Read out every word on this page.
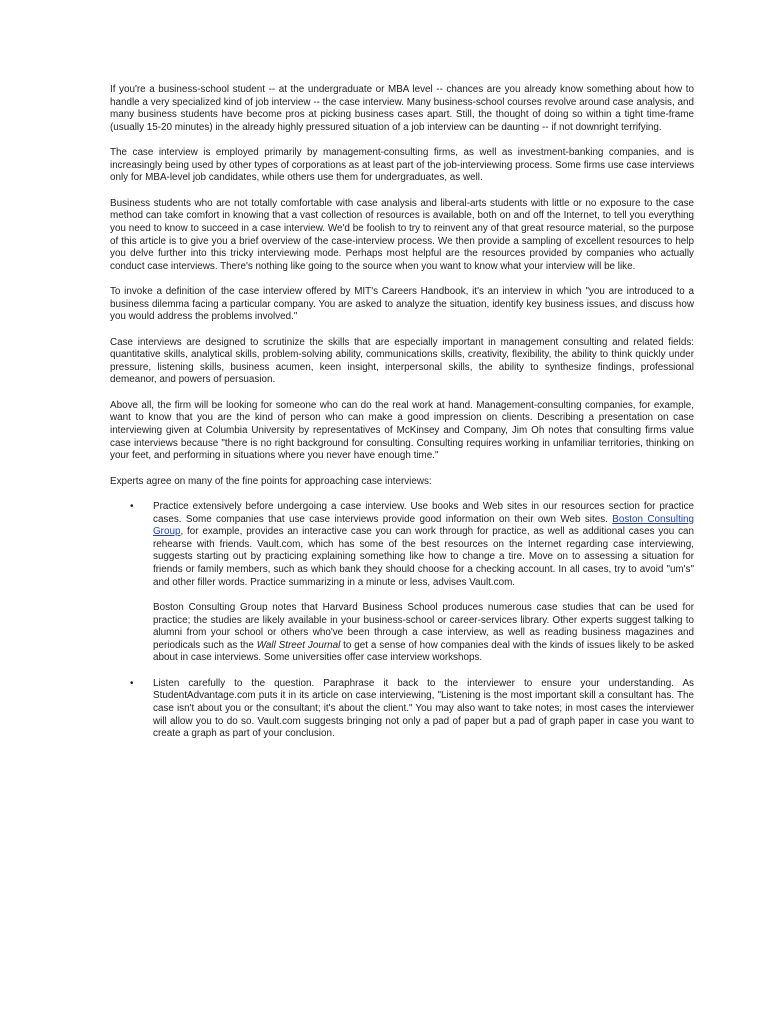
If you're a business-school student -- at the undergraduate or MBA level -- chances are you already know something about how to handle a very specialized kind of job interview -- the case interview. Many business-school courses revolve around case analysis, and many business students have become pros at picking business cases apart. Still, the thought of doing so within a tight time-frame (usually 15-20 minutes) in the already highly pressured situation of a job interview can be daunting -- if not downright terrifying.

The case interview is employed primarily by management-consulting firms, as well as investment-banking companies, and is increasingly being used by other types of corporations as at least part of the job-interviewing process. Some firms use case interviews only for MBA-level job candidates, while others use them for undergraduates, as well.

Business students who are not totally comfortable with case analysis and liberal-arts students with little or no exposure to the case method can take comfort in knowing that a vast collection of resources is available, both on and off the Internet, to tell you everything you need to know to succeed in a case interview. We'd be foolish to try to reinvent any of that great resource material, so the purpose of this article is to give you a brief overview of the case-interview process. We then provide a sampling of excellent resources to help you delve further into this tricky interviewing mode. Perhaps most helpful are the resources provided by companies who actually conduct case interviews. There's nothing like going to the source when you want to know what your interview will be like.

To invoke a definition of the case interview offered by MIT's Careers Handbook, it's an interview in which "you are introduced to a business dilemma facing a particular company. You are asked to analyze the situation, identify key business issues, and discuss how you would address the problems involved."

Case interviews are designed to scrutinize the skills that are especially important in management consulting and related fields: quantitative skills, analytical skills, problem-solving ability, communications skills, creativity, flexibility, the ability to think quickly under pressure, listening skills, business acumen, keen insight, interpersonal skills, the ability to synthesize findings, professional demeanor, and powers of persuasion.

Above all, the firm will be looking for someone who can do the real work at hand. Management-consulting companies, for example, want to know that you are the kind of person who can make a good impression on clients. Describing a presentation on case interviewing given at Columbia University by representatives of McKinsey and Company, Jim Oh notes that consulting firms value case interviews because "there is no right background for consulting. Consulting requires working in unfamiliar territories, thinking on your feet, and performing in situations where you never have enough time."

Experts agree on many of the fine points for approaching case interviews:

• Practice extensively before undergoing a case interview. Use books and Web sites in our resources section for practice cases. Some companies that use case interviews provide good information on their own Web sites. Boston Consulting Group, for example, provides an interactive case you can work through for practice, as well as additional cases you can rehearse with friends. Vault.com, which has some of the best resources on the Internet regarding case interviewing, suggests starting out by practicing explaining something like how to change a tire. Move on to assessing a situation for friends or family members, such as which bank they should choose for a checking account. In all cases, try to avoid "um's" and other filler words. Practice summarizing in a minute or less, advises Vault.com.

Boston Consulting Group notes that Harvard Business School produces numerous case studies that can be used for practice; the studies are likely available in your business-school or career-services library. Other experts suggest talking to alumni from your school or others who've been through a case interview, as well as reading business magazines and periodicals such as the Wall Street Journal to get a sense of how companies deal with the kinds of issues likely to be asked about in case interviews. Some universities offer case interview workshops.

• Listen carefully to the question. Paraphrase it back to the interviewer to ensure your understanding. As StudentAdvantage.com puts it in its article on case interviewing, "Listening is the most important skill a consultant has. The case isn't about you or the consultant; it's about the client." You may also want to take notes; in most cases the interviewer will allow you to do so. Vault.com suggests bringing not only a pad of paper but a pad of graph paper in case you want to create a graph as part of your conclusion.
